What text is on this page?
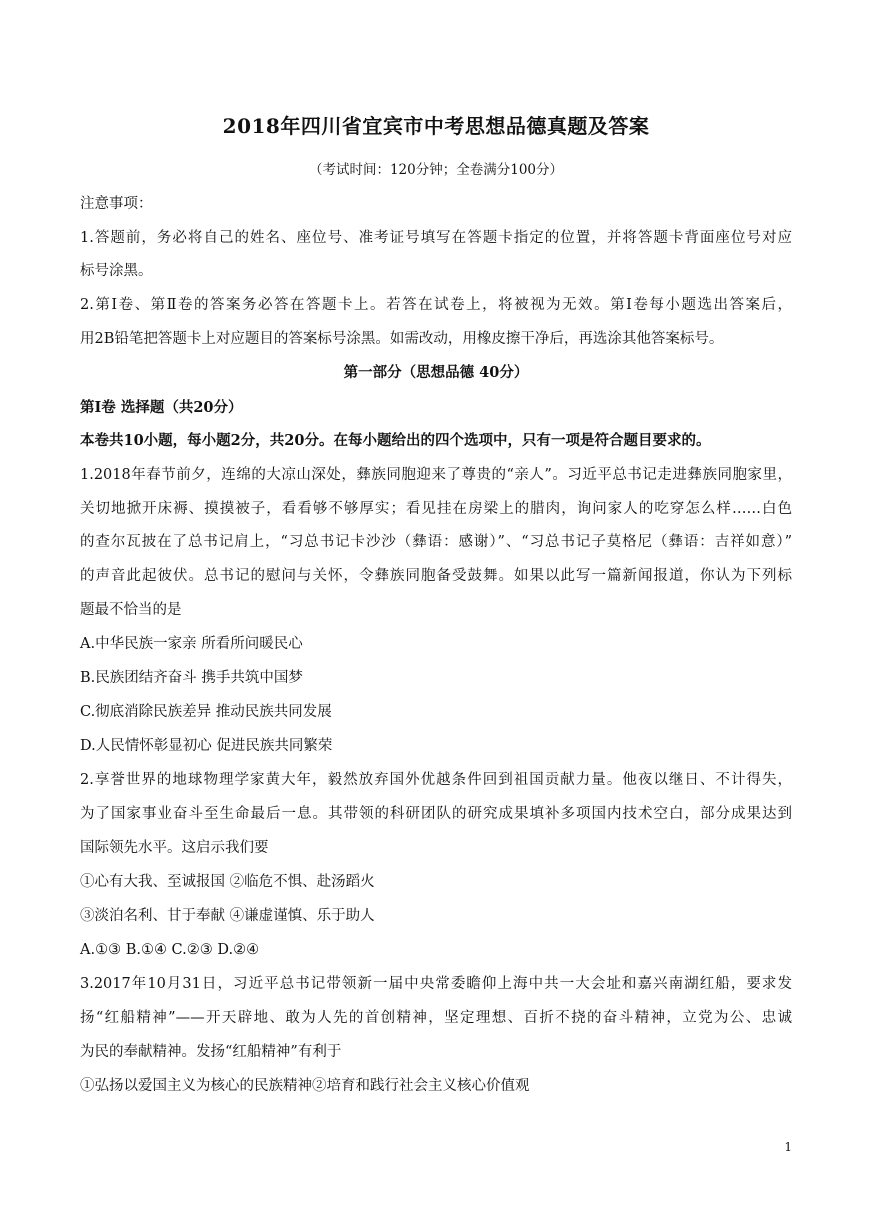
2018年四川省宜宾市中考思想品德真题及答案
（考试时间：120分钟；全卷满分100分）
注意事项：
1.答题前，务必将自己的姓名、座位号、准考证号填写在答题卡指定的位置，并将答题卡背面座位号对应
标号涂黑。
2.第Ⅰ卷、第Ⅱ卷的答案务必答在答题卡上。若答在试卷上，将被视为无效。第Ⅰ卷每小题选出答案后，
用2B铅笔把答题卡上对应题目的答案标号涂黑。如需改动，用橡皮擦干净后，再选涂其他答案标号。
第一部分（思想品德 40分）
第Ⅰ卷 选择题（共20分）
本卷共10小题，每小题2分，共20分。在每小题给出的四个选项中，只有一项是符合题目要求的。
1.2018年春节前夕，连绵的大凉山深处，彝族同胞迎来了尊贵的“亲人”。习近平总书记走进彝族同胞家里，
关切地掀开床褥、摸摸被子，看看够不够厚实；看见挂在房梁上的腊肉，询问家人的吃穿怎么样……白色
的查尔瓦披在了总书记肩上，“习总书记卡沙沙（彝语：感谢）”、“习总书记子莫格尼（彝语：吉祥如意）”
的声音此起彼伏。总书记的慰问与关怀，令彝族同胞备受鼓舞。如果以此写一篇新闻报道，你认为下列标
题最不恰当的是
A.中华民族一家亲 所看所问暖民心
B.民族团结齐奋斗 携手共筑中国梦
C.彻底消除民族差异 推动民族共同发展
D.人民情怀彰显初心 促进民族共同繁荣
2.享誉世界的地球物理学家黄大年，毅然放弃国外优越条件回到祖国贡献力量。他夜以继日、不计得失，
为了国家事业奋斗至生命最后一息。其带领的科研团队的研究成果填补多项国内技术空白，部分成果达到
国际领先水平。这启示我们要
①心有大我、至诚报国 ②临危不惧、赴汤蹈火
③淡泊名利、甘于奉献 ④谦虚谨慎、乐于助人
A.①③ B.①④ C.②③ D.②④
3.2017年10月31日，习近平总书记带领新一届中央常委瞻仰上海中共一大会址和嘉兴南湖红船，要求发
扬“红船精神”——开天辟地、敢为人先的首创精神，坚定理想、百折不挠的奋斗精神，立党为公、忠诚
为民的奉献精神。发扬“红船精神”有利于
①弘扬以爱国主义为核心的民族精神②培育和践行社会主义核心价值观
1
